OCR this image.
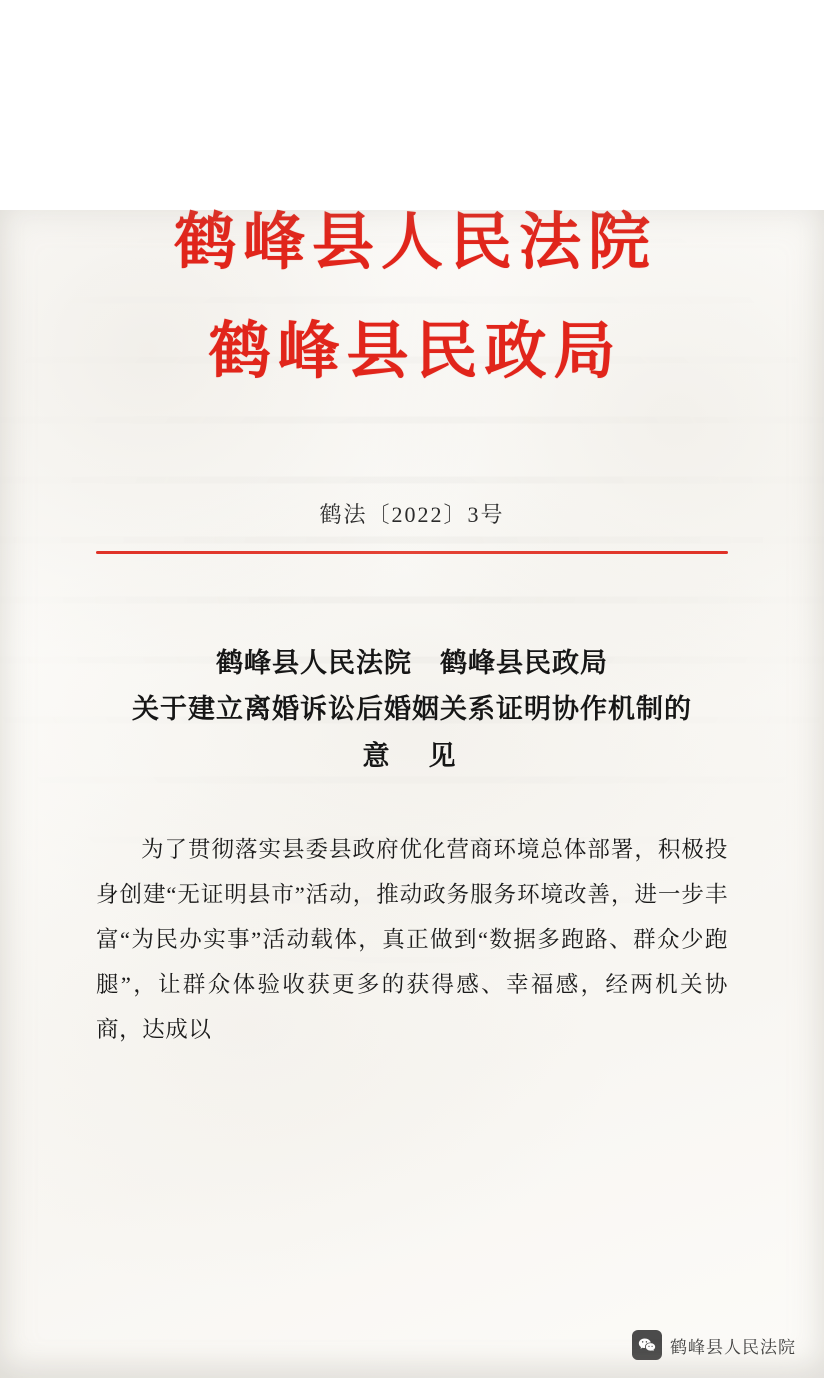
鹤峰县人民法院
鹤峰县民政局
鹤法〔2022〕3号
鹤峰县人民法院　鹤峰县民政局
关于建立离婚诉讼后婚姻关系证明协作机制的
意　见

为了贯彻落实县委县政府优化营商环境总体部署，积极投身创建“无证明县市”活动，推动政务服务环境改善，进一步丰富“为民办实事”活动载体，真正做到“数据多跑路、群众少跑腿”，让群众体验收获更多的获得感、幸福感，经两机关协商，达成以

鹤峰县人民法院
